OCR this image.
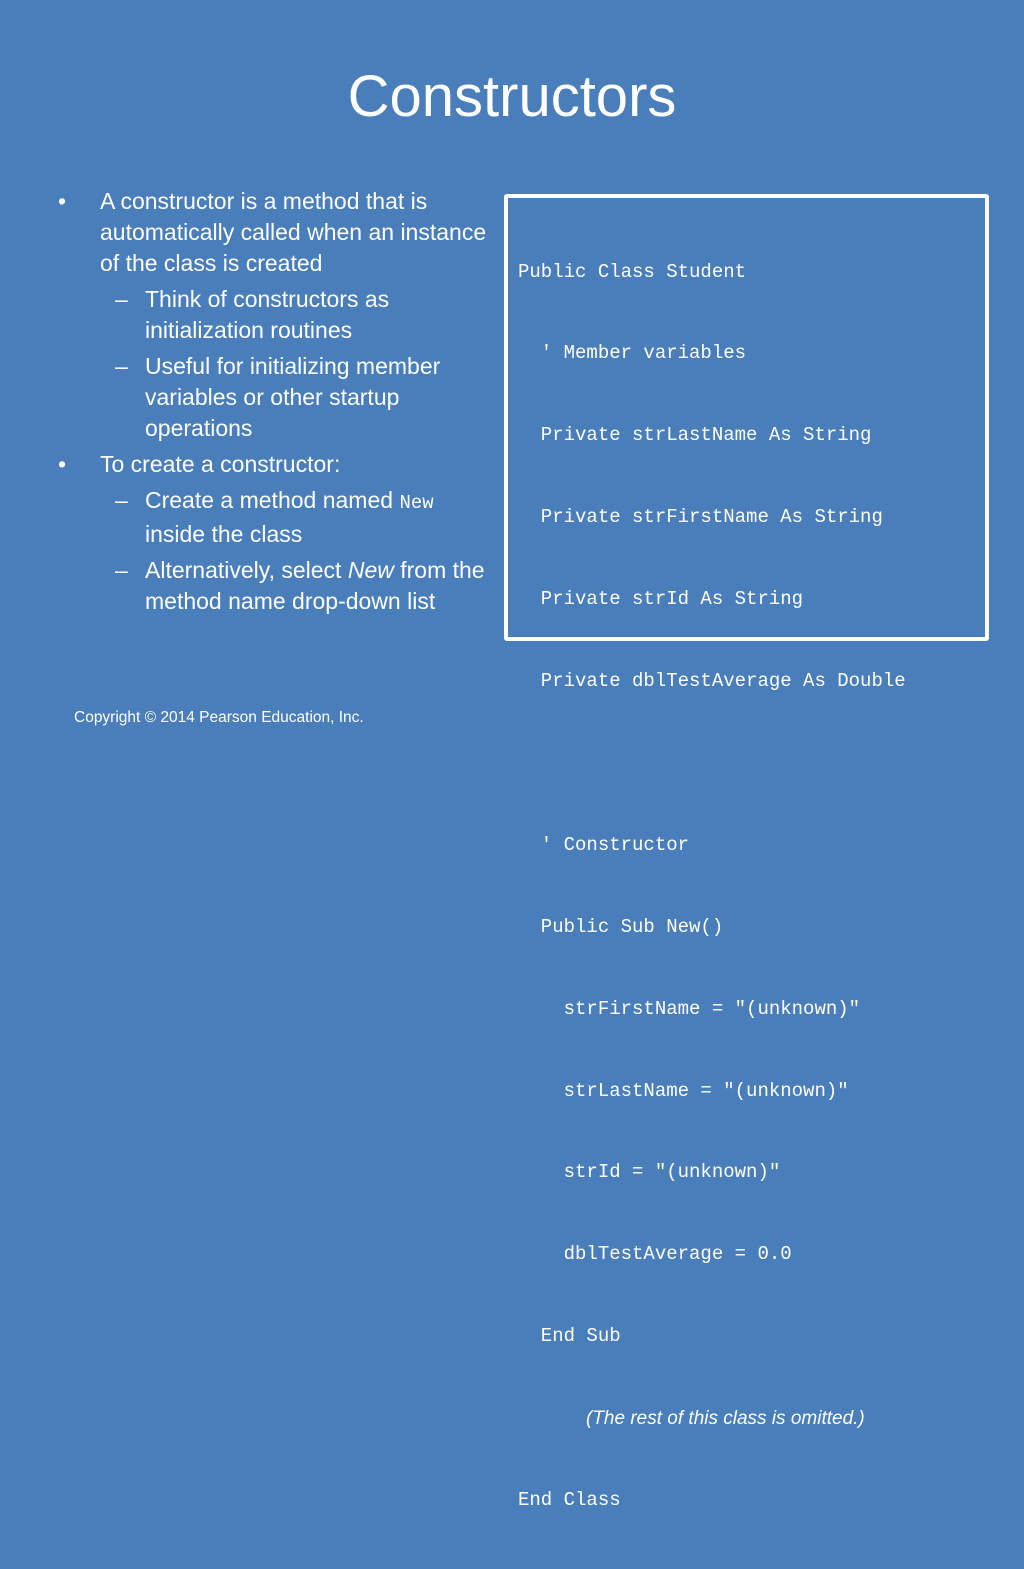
Constructors
•	A constructor is a method that is automatically called when an instance of the class is created
– Think of constructors as initialization routines
– Useful for initializing member variables or other startup operations
•	To create a constructor:
– Create a method named New inside the class
– Alternatively, select New from the method name drop-down list

Public Class Student

' Member variables

Private strLastName As String

Private strFirstName As String

Private strId As String

Private dblTestAverage As Double

' Constructor

Public Sub New()

strFirstName = "(unknown)"

strLastName = "(unknown)"

strId = "(unknown)"

dblTestAverage = 0.0

End Sub

(The rest of this class is omitted.)

End Class

Copyright © 2014 Pearson Education, Inc.
